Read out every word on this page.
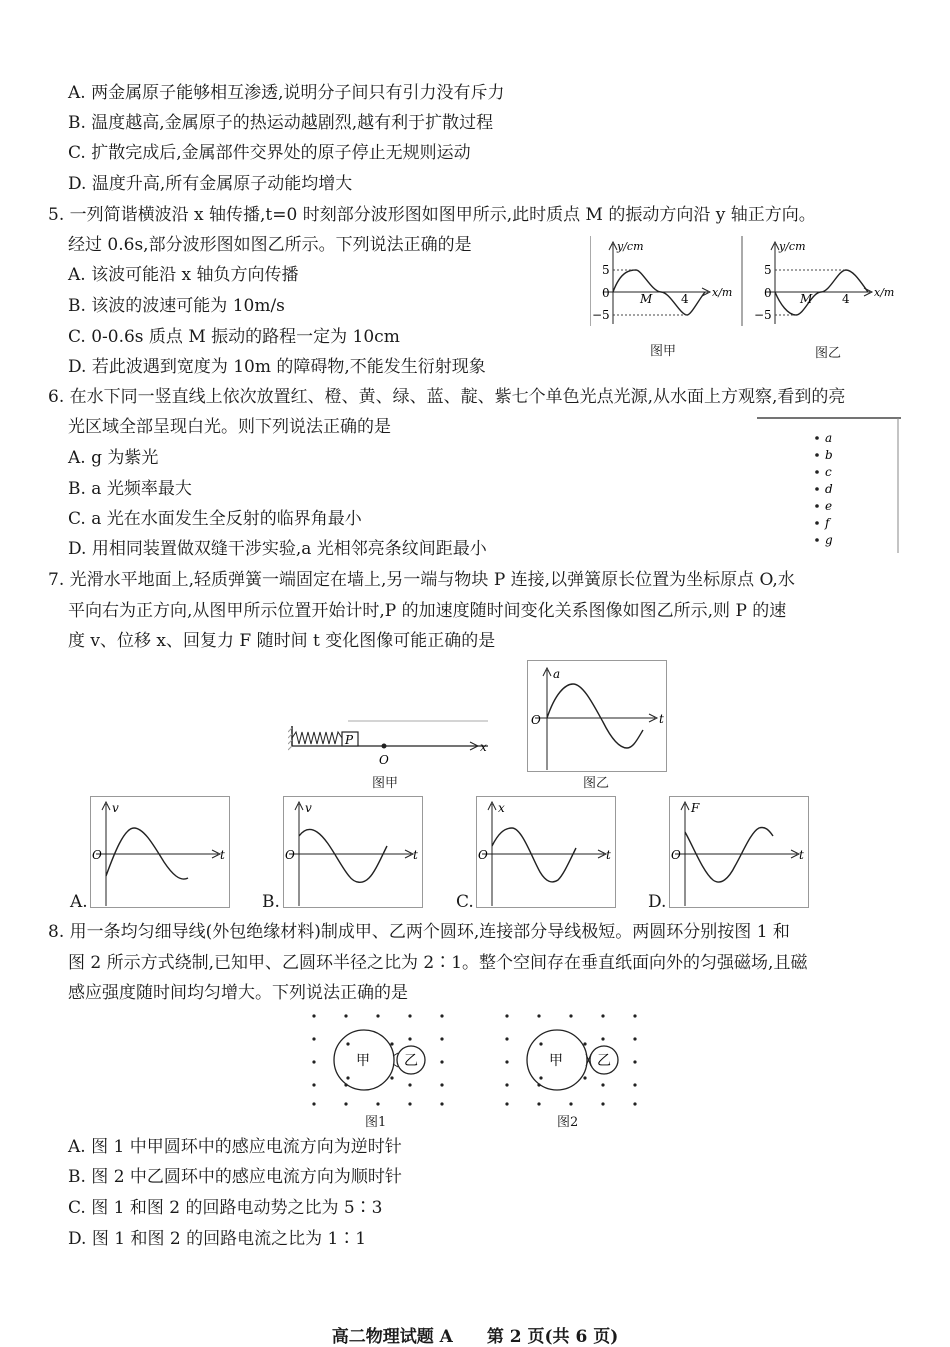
A. 两金属原子能够相互渗透,说明分子间只有引力没有斥力
B. 温度越高,金属原子的热运动越剧烈,越有利于扩散过程
C. 扩散完成后,金属部件交界处的原子停止无规则运动
D. 温度升高,所有金属原子动能均增大
5. 一列简谐横波沿 x 轴传播,t=0 时刻部分波形图如图甲所示,此时质点 M 的振动方向沿 y 轴正方向。
经过 0.6s,部分波形图如图乙所示。下列说法正确的是
A. 该波可能沿 x 轴负方向传播
B. 该波的波速可能为 10m/s
C. 0-0.6s 质点 M 振动的路程一定为 10cm
D. 若此波遇到宽度为 10m 的障碍物,不能发生衍射现象
y/cm
x/m
5
0
−5
M 4
y/cm
x/m
5
0
−5
M 4
图甲	图乙
6. 在水下同一竖直线上依次放置红、橙、黄、绿、蓝、靛、紫七个单色光点光源,从水面上方观察,看到的亮
光区域全部呈现白光。则下列说法正确的是
A. g 为紫光
B. a 光频率最大
C. a 光在水面发生全反射的临界角最小
D. 用相同装置做双缝干涉实验,a 光相邻亮条纹间距最小
a
b
c
d
e
f
g
7. 光滑水平地面上,轻质弹簧一端固定在墙上,另一端与物块 P 连接,以弹簧原长位置为坐标原点 O,水
平向右为正方向,从图甲所示位置开始计时,P 的加速度随时间变化关系图像如图乙所示,则 P 的速
度 v、位移 x、回复力 F 随时间 t 变化图像可能正确的是
P
O
x
图甲
a
O	t
图乙
v
O	t
A.
v
O	t
B.
x
O	t
C.
F
O	t
D.
8. 用一条均匀细导线(外包绝缘材料)制成甲、乙两个圆环,连接部分导线极短。两圆环分别按图 1 和
图 2 所示方式绕制,已知甲、乙圆环半径之比为 2∶1。整个空间存在垂直纸面向外的匀强磁场,且磁
感应强度随时间均匀增大。下列说法正确的是
甲 乙
图1
甲 乙
图2
A. 图 1 中甲圆环中的感应电流方向为逆时针
B. 图 2 中乙圆环中的感应电流方向为顺时针
C. 图 1 和图 2 的回路电动势之比为 5∶3
D. 图 1 和图 2 的回路电流之比为 1∶1
高二物理试题 A　　第 2 页(共 6 页)
